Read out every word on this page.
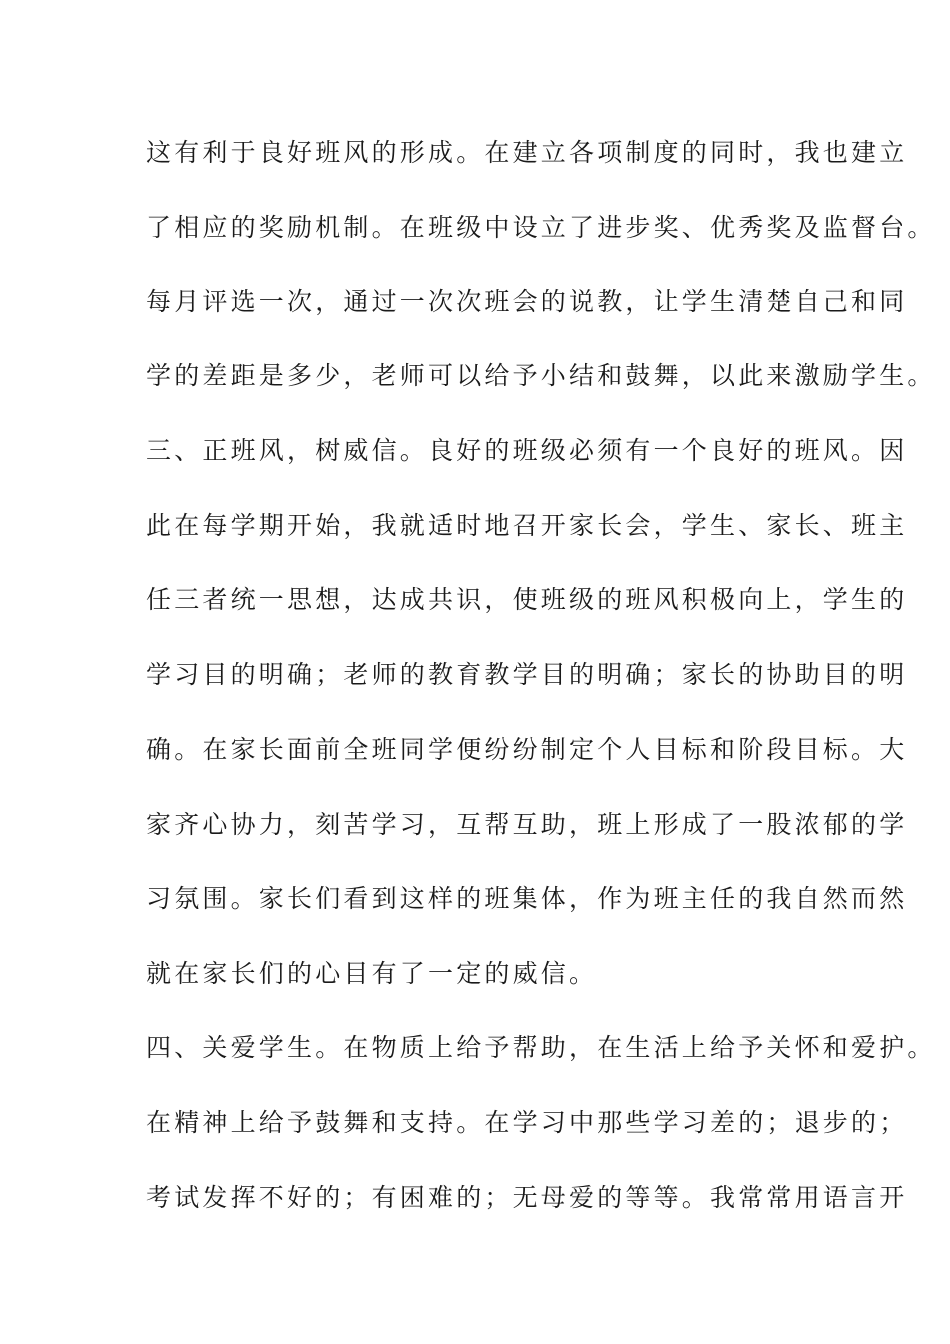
这有利于良好班风的形成。在建立各项制度的同时，我也建立
了相应的奖励机制。在班级中设立了进步奖、优秀奖及监督台。
每月评选一次，通过一次次班会的说教，让学生清楚自己和同
学的差距是多少，老师可以给予小结和鼓舞，以此来激励学生。
三、正班风，树威信。良好的班级必须有一个良好的班风。因
此在每学期开始，我就适时地召开家长会，学生、家长、班主
任三者统一思想，达成共识，使班级的班风积极向上，学生的
学习目的明确；老师的教育教学目的明确；家长的协助目的明
确。在家长面前全班同学便纷纷制定个人目标和阶段目标。大
家齐心协力，刻苦学习，互帮互助，班上形成了一股浓郁的学
习氛围。家长们看到这样的班集体，作为班主任的我自然而然
就在家长们的心目有了一定的威信。
四、关爱学生。在物质上给予帮助，在生活上给予关怀和爱护。
在精神上给予鼓舞和支持。在学习中那些学习差的；退步的；
考试发挥不好的；有困难的；无母爱的等等。我常常用语言开
